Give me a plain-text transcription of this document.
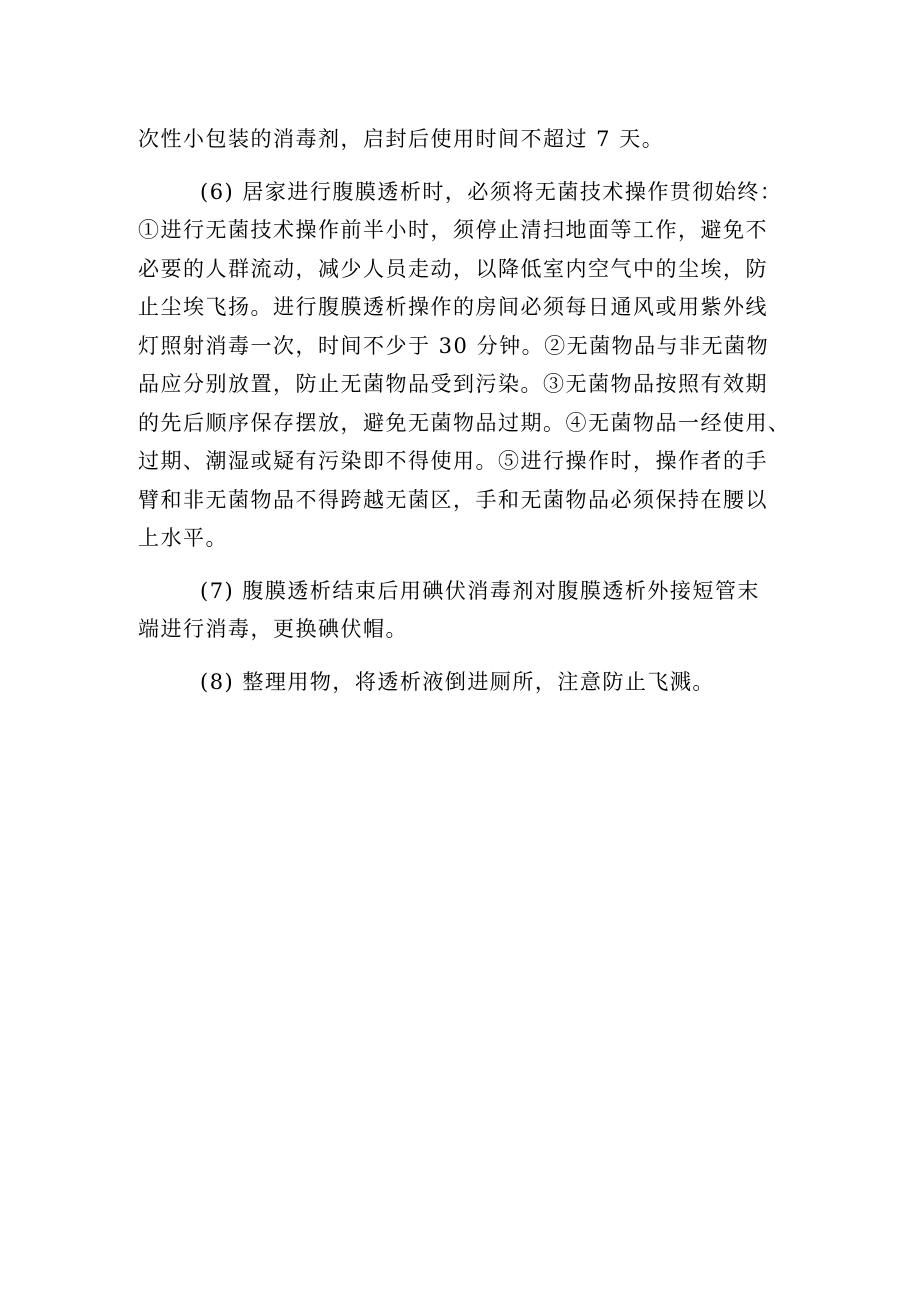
次性小包装的消毒剂，启封后使用时间不超过 7 天。

(6) 居家进行腹膜透析时，必须将无菌技术操作贯彻始终：
①进行无菌技术操作前半小时，须停止清扫地面等工作，避免不
必要的人群流动，减少人员走动，以降低室内空气中的尘埃，防
止尘埃飞扬。进行腹膜透析操作的房间必须每日通风或用紫外线
灯照射消毒一次，时间不少于 30 分钟。②无菌物品与非无菌物
品应分别放置，防止无菌物品受到污染。③无菌物品按照有效期
的先后顺序保存摆放，避免无菌物品过期。④无菌物品一经使用、
过期、潮湿或疑有污染即不得使用。⑤进行操作时，操作者的手
臂和非无菌物品不得跨越无菌区，手和无菌物品必须保持在腰以
上水平。

(7) 腹膜透析结束后用碘伏消毒剂对腹膜透析外接短管末
端进行消毒，更换碘伏帽。

(8) 整理用物，将透析液倒进厕所，注意防止飞溅。
